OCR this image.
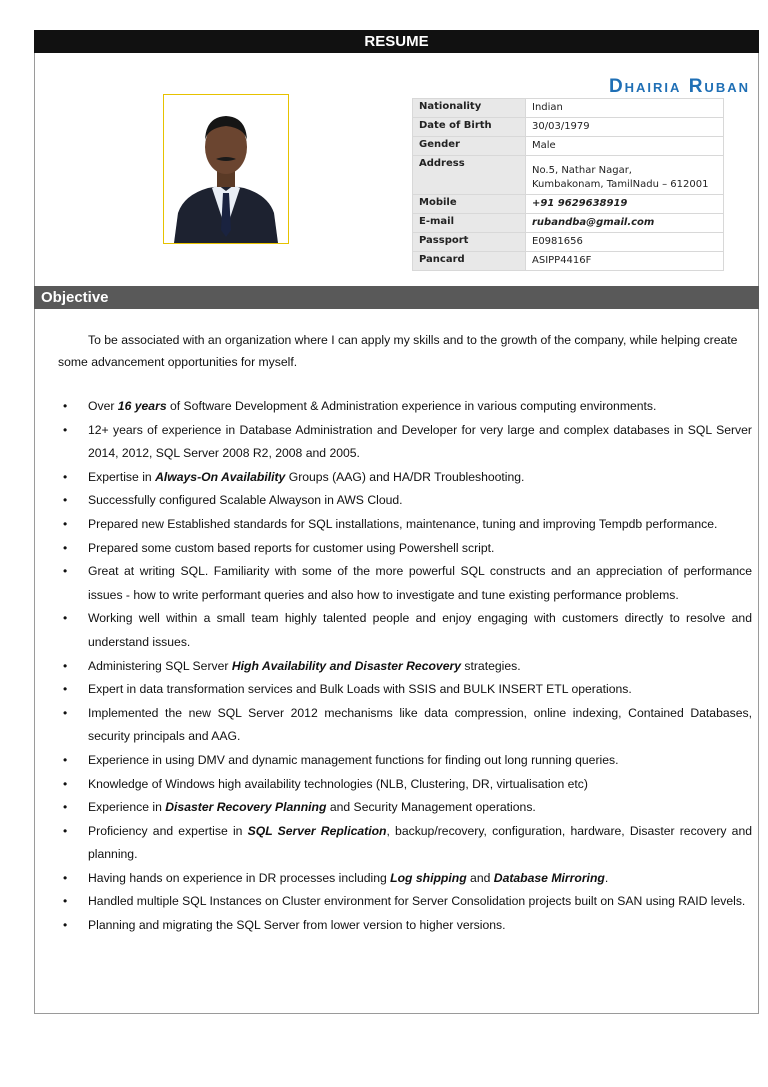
RESUME
Dhairia Ruban
Nationality	Indian
Date of Birth	30/03/1979
Gender	Male
Address	No.5, Nathar Nagar,
Kumbakonam, TamilNadu – 612001

Mobile	+91 9629638919
E-mail	rubandba@gmail.com
Passport	E0981656
Pancard	ASIPP4416F
Objective

To be associated with an organization where I can apply my skills and to the growth of the company, while helping create some advancement opportunities for myself.

• Over 16 years of Software Development & Administration experience in various computing environments.
• 12+ years of experience in Database Administration and Developer for very large and complex databases in SQL Server 2014, 2012, SQL Server 2008 R2, 2008 and 2005.
• Expertise in Always-On Availability Groups (AAG) and HA/DR Troubleshooting.
• Successfully configured Scalable Alwayson in AWS Cloud.
• Prepared new Established standards for SQL installations, maintenance, tuning and improving Tempdb performance.
• Prepared some custom based reports for customer using Powershell script.
• Great at writing SQL. Familiarity with some of the more powerful SQL constructs and an appreciation of performance issues - how to write performant queries and also how to investigate and tune existing performance problems.
• Working well within a small team highly talented people and enjoy engaging with customers directly to resolve and understand issues.
• Administering SQL Server High Availability and Disaster Recovery strategies.
• Expert in data transformation services and Bulk Loads with SSIS and BULK INSERT ETL operations.
• Implemented the new SQL Server 2012 mechanisms like data compression, online indexing, Contained Databases, security principals and AAG.
• Experience in using DMV and dynamic management functions for finding out long running queries.
• Knowledge of Windows high availability technologies (NLB, Clustering, DR, virtualisation etc)
• Experience in Disaster Recovery Planning and Security Management operations.
• Proficiency and expertise in SQL Server Replication, backup/recovery, configuration, hardware, Disaster recovery and planning.
• Having hands on experience in DR processes including Log shipping and Database Mirroring.
• Handled multiple SQL Instances on Cluster environment for Server Consolidation projects built on SAN using RAID levels.
• Planning and migrating the SQL Server from lower version to higher versions.
